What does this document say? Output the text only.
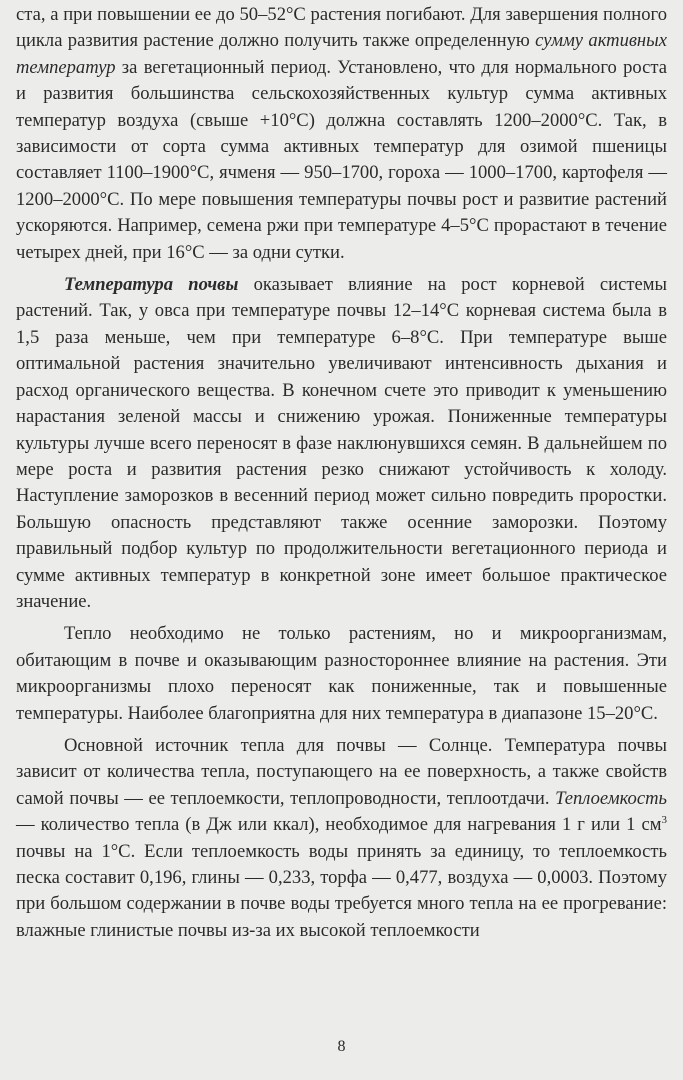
ста, а при повышении ее до 50–52°С растения погибают. Для завершения полного цикла развития растение должно получить также определенную сумму активных температур за вегетационный период. Установлено, что для нормального роста и развития большинства сельскохозяйственных культур сумма активных температур воздуха (свыше +10°С) должна составлять 1200–2000°С. Так, в зависимости от сорта сумма активных температур для озимой пшеницы составляет 1100–1900°С, ячменя — 950–1700, гороха — 1000–1700, картофеля — 1200–2000°С. По мере повышения температуры почвы рост и развитие растений ускоряются. Например, семена ржи при температуре 4–5°С прорастают в течение четырех дней, при 16°С — за одни сутки.

Температура почвы оказывает влияние на рост корневой системы растений. Так, у овса при температуре почвы 12–14°С корневая система была в 1,5 раза меньше, чем при температуре 6–8°С. При температуре выше оптимальной растения значительно увеличивают интенсивность дыхания и расход органического вещества. В конечном счете это приводит к уменьшению нарастания зеленой массы и снижению урожая. Пониженные температуры культуры лучше всего переносят в фазе наклюнувшихся семян. В дальнейшем по мере роста и развития растения резко снижают устойчивость к холоду. Наступление заморозков в весенний период может сильно повредить проростки. Большую опасность представляют также осенние заморозки. Поэтому правильный подбор культур по продолжительности вегетационного периода и сумме активных температур в конкретной зоне имеет большое практическое значение.

Тепло необходимо не только растениям, но и микроорганизмам, обитающим в почве и оказывающим разностороннее влияние на растения. Эти микроорганизмы плохо переносят как пониженные, так и повышенные температуры. Наиболее благоприятна для них температура в диапазоне 15–20°С.

Основной источник тепла для почвы — Солнце. Температура почвы зависит от количества тепла, поступающего на ее поверхность, а также свойств самой почвы — ее теплоемкости, теплопроводности, теплоотдачи. Теплоемкость — количество тепла (в Дж или ккал), необходимое для нагревания 1 г или 1 $см^3$ почвы на 1°С. Если теплоемкость воды принять за единицу, то теплоемкость песка составит 0,196, глины — 0,233, торфа — 0,477, воздуха — 0,0003. Поэтому при большом содержании в почве воды требуется много тепла на ее прогревание: влажные глинистые почвы из-за их высокой теплоемкости

8
